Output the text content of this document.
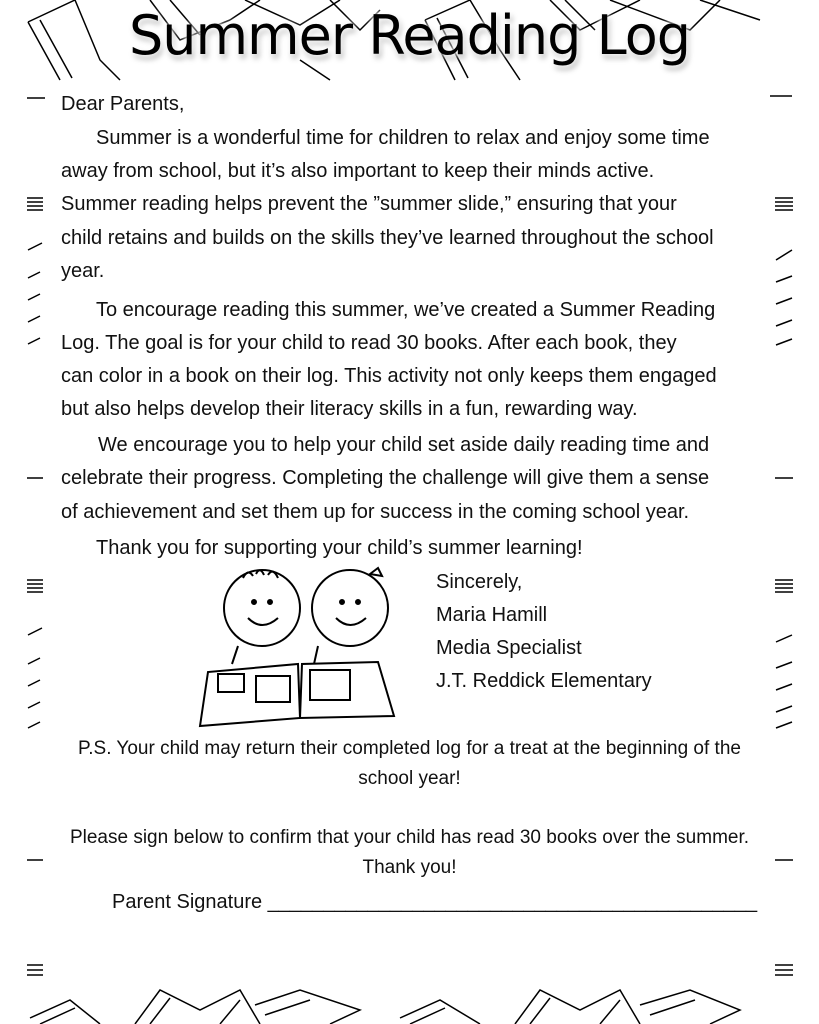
Summer Reading Log
Dear Parents,
Summer is a wonderful time for children to relax and enjoy some time
away from school, but it’s also important to keep their minds active.
Summer reading helps prevent the ”summer slide,” ensuring that your
child retains and builds on the skills they’ve learned throughout the school
year.
To encourage reading this summer, we’ve created a Summer Reading
Log. The goal is for your child to read 30 books. After each book, they
can color in a book on their log. This activity not only keeps them engaged
but also helps develop their literacy skills in a fun, rewarding way.
We encourage you to help your child set aside daily reading time and
celebrate their progress. Completing the challenge will give them a sense
of achievement and set them up for success in the coming school year.
Thank you for supporting your child’s summer learning!
Sincerely,
Maria Hamill
Media Specialist
J.T. Reddick Elementary
P.S. Your child may return their completed log for a treat at the beginning of the
school year!
Please sign below to confirm that your child has read 30 books over the summer.
Thank you!
Parent Signature ____________________________________________
